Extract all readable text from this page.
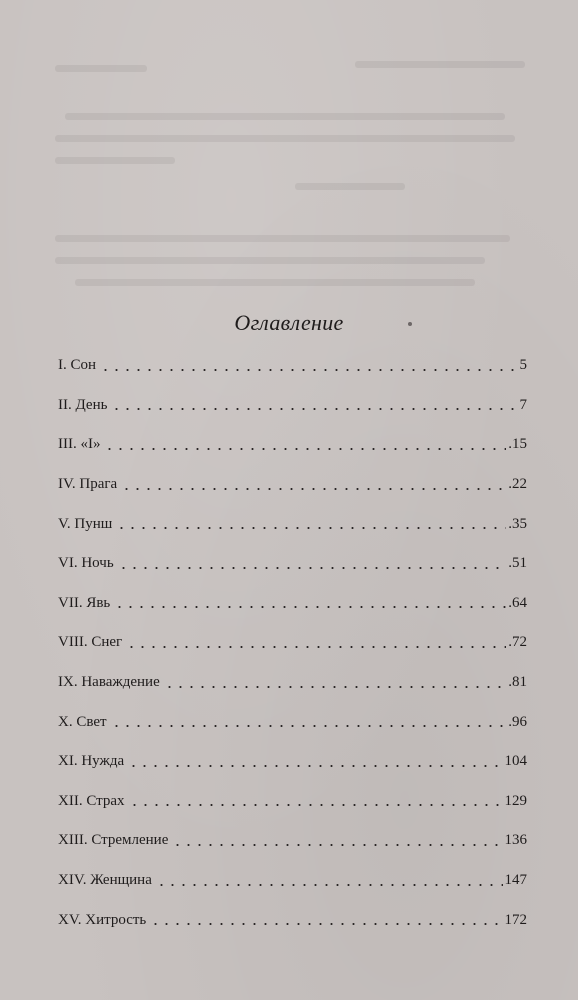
Оглавление
I. Сон	5
II. День	7
III. «I»	.15
IV. Прага	.22
V. Пунш	.35
VI. Ночь	.51
VII. Явь	.64
VIII. Снег	.72
IX. Наваждение	.81
X. Свет	.96
XI. Нужда	104
XII. Страх	129
XIII. Стремление	136
XIV. Женщина	147
XV. Хитрость	172
